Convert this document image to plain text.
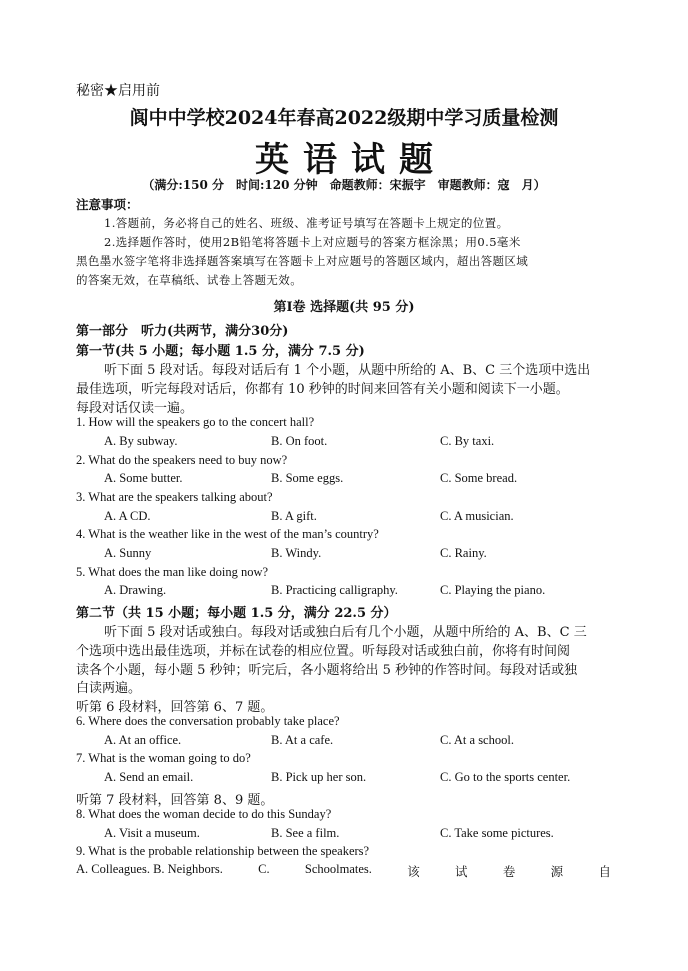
秘密★启用前
阆中中学校2024年春高2022级期中学习质量检测
英语试题
（满分:150 分　时间:120 分钟　命题教师：宋振宇　审题教师：寇　月）
注意事项：
1.答题前，务必将自己的姓名、班级、准考证号填写在答题卡上规定的位置。
2.选择题作答时，使用2B铅笔将答题卡上对应题号的答案方框涂黑；用0.5毫米
黑色墨水签字笔将非选择题答案填写在答题卡上对应题号的答题区域内，超出答题区域
的答案无效，在草稿纸、试卷上答题无效。
第Ⅰ卷 选择题(共 95 分)
第一部分　听力(共两节，满分30分)
第一节(共 5 小题；每小题 1.5 分，满分 7.5 分)
听下面 5 段对话。每段对话后有 1 个小题，从题中所给的 A、B、C 三个选项中选出
最佳选项，听完每段对话后，你都有 10 秒钟的时间来回答有关小题和阅读下一小题。
每段对话仅读一遍。
1. How will the speakers go to the concert hall?
A. By subway.	B. On foot.	C. By taxi.
2. What do the speakers need to buy now?
A. Some butter.	B. Some eggs.	C. Some bread.
3. What are the speakers talking about?
A. A CD.	B. A gift.	C. A musician.
4. What is the weather like in the west of the man’s country?
A. Sunny	B. Windy.	C. Rainy.
5. What does the man like doing now?
A. Drawing.	B. Practicing calligraphy.	C. Playing the piano.
第二节（共 15 小题；每小题 1.5 分，满分 22.5 分）
听下面 5 段对话或独白。每段对话或独白后有几个小题，从题中所给的 A、B、C 三
个选项中选出最佳选项，并标在试卷的相应位置。听每段对话或独白前，你将有时间阅
读各个小题，每小题 5 秒钟；听完后，各小题将给出 5 秒钟的作答时间。每段对话或独
白读两遍。
听第 6 段材料，回答第 6、7 题。
6. Where does the conversation probably take place?
A. At an office.	B. At a cafe.	C. At a school.
7. What is the woman going to do?
A. Send an email.	B. Pick up her son.	C. Go to the sports center.
听第 7 段材料，回答第 8、9 题。
8. What does the woman decide to do this Sunday?
A. Visit a museum.	B. See a film.	C. Take some pictures.
9. What is the probable relationship between the speakers?
A. Colleagues. B. Neighbors.	C.	Schoolmates.	该	试	卷	源	自
